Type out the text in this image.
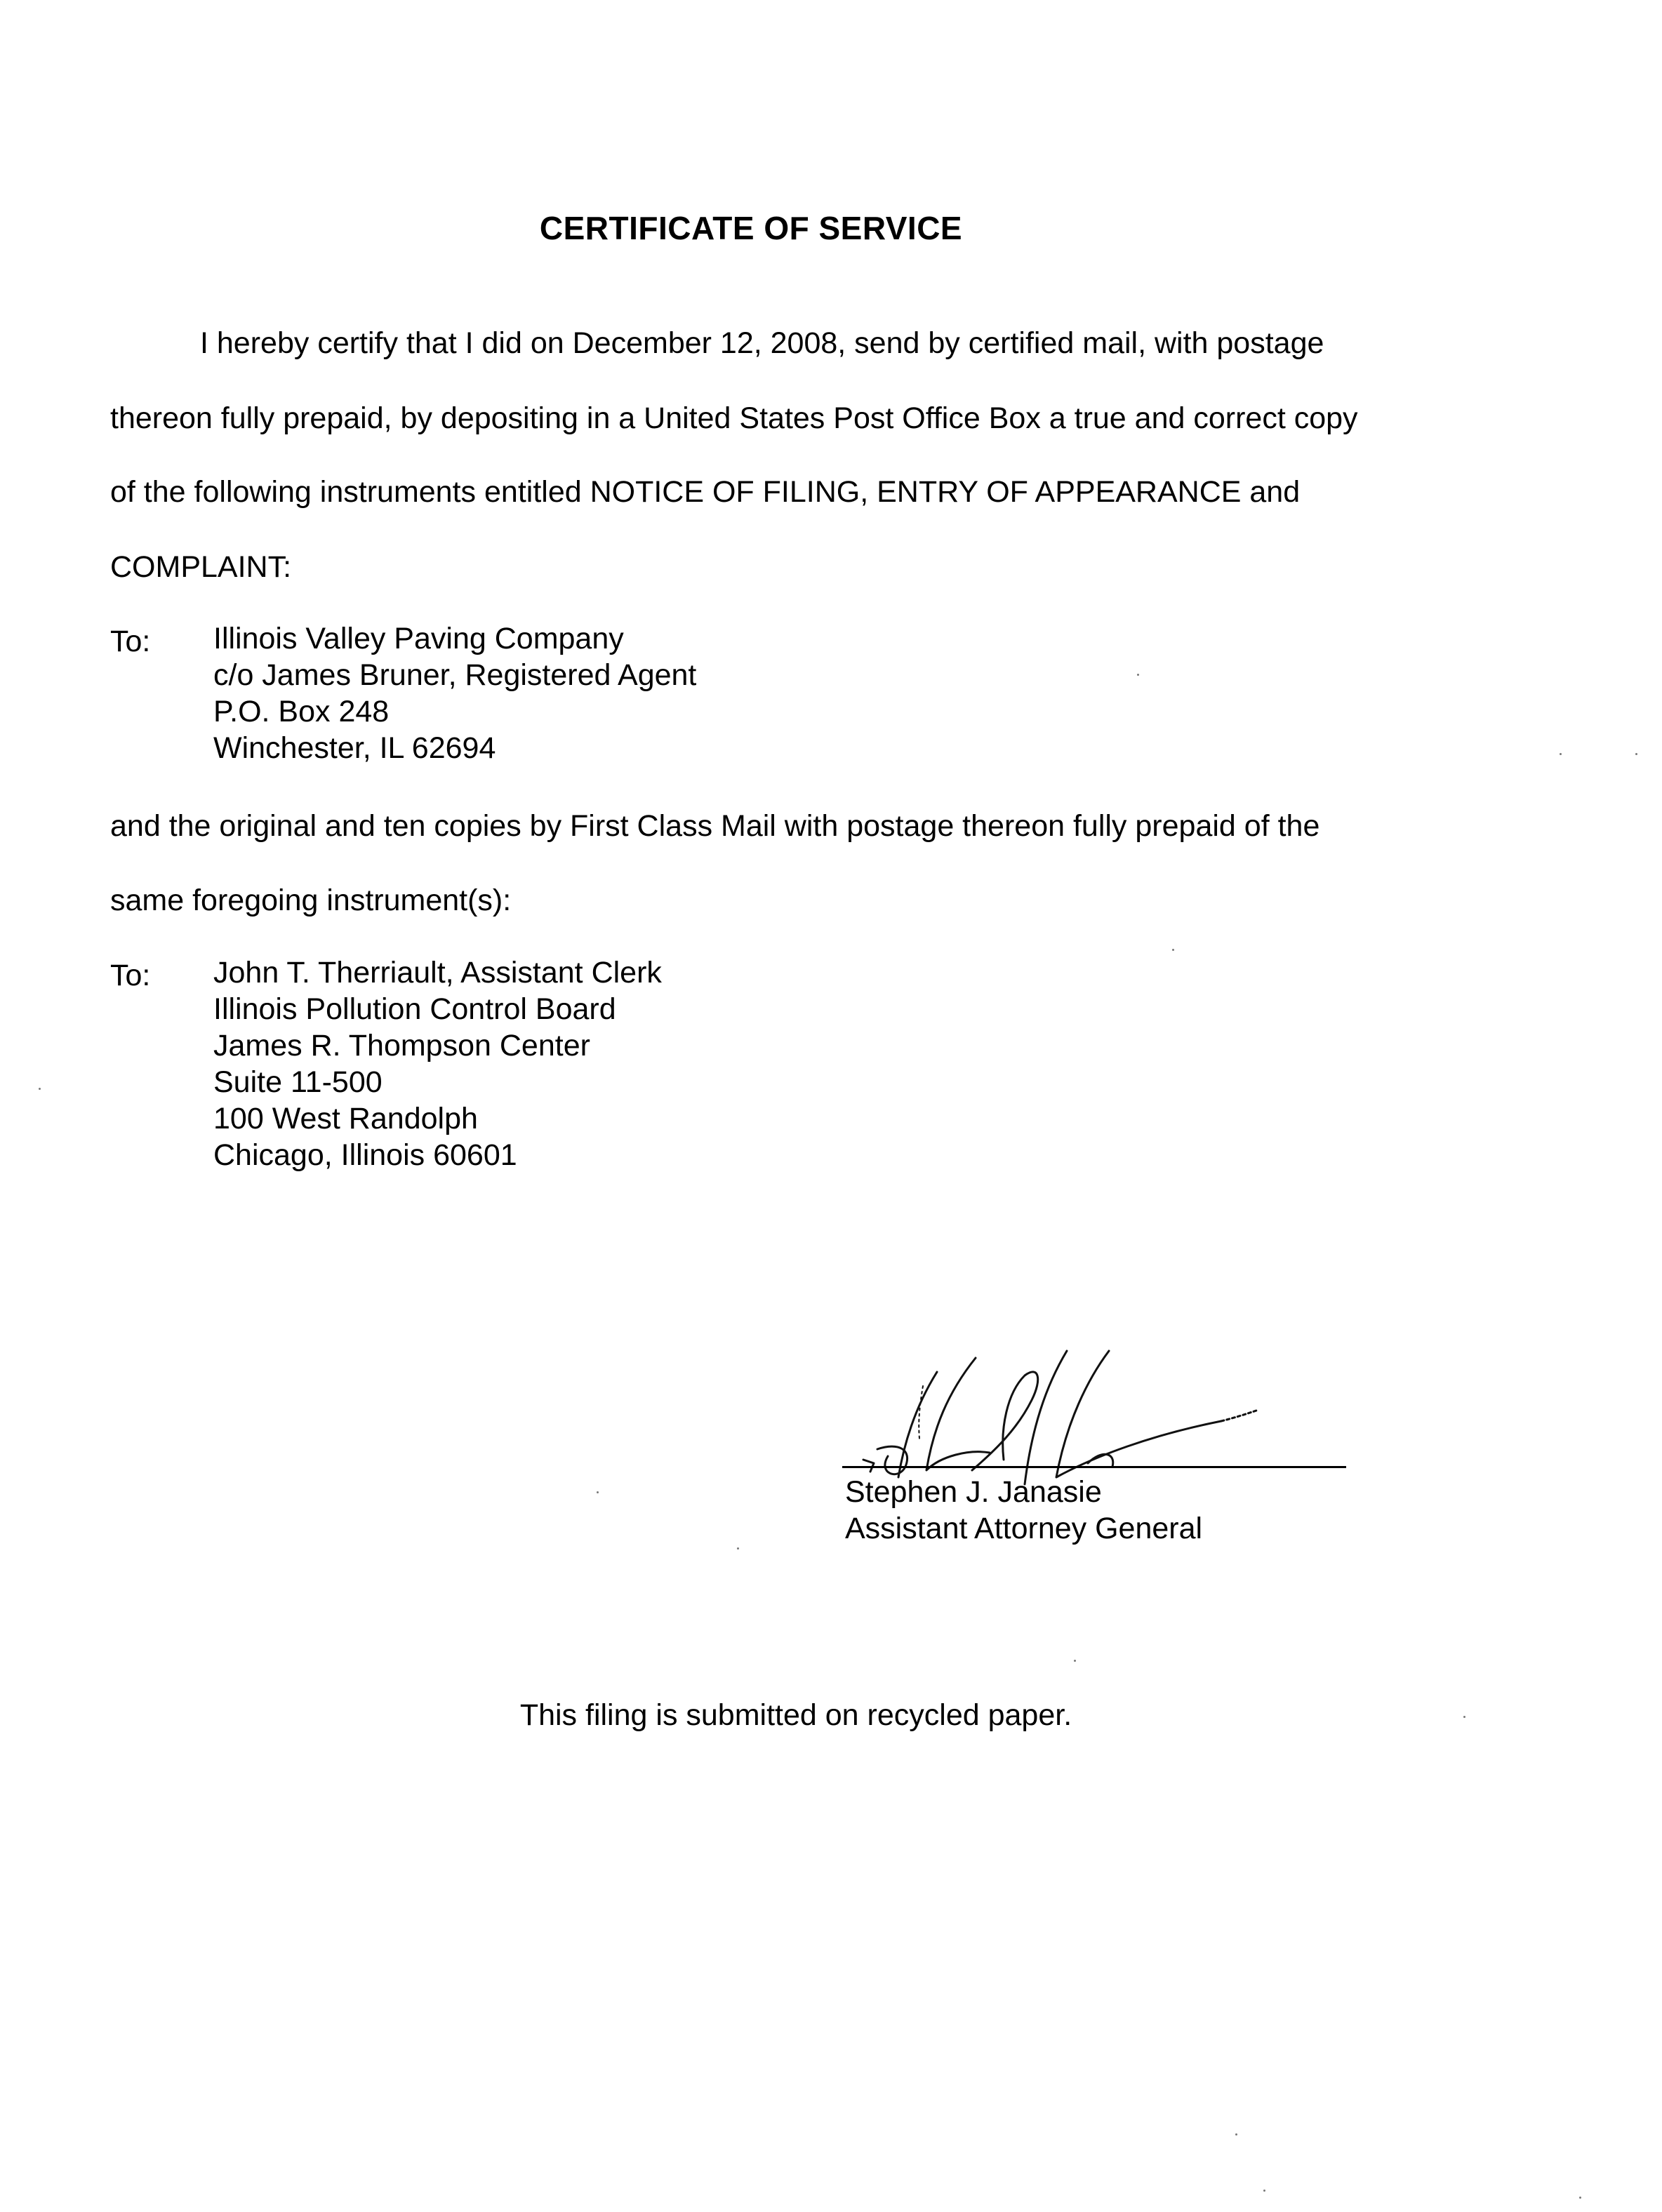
CERTIFICATE OF SERVICE
I hereby certify that I did on December 12, 2008, send by certified mail, with postage
thereon fully prepaid, by depositing in a United States Post Office Box a true and correct copy
of the following instruments entitled NOTICE OF FILING, ENTRY OF APPEARANCE and
COMPLAINT:
To: Illinois Valley Paving Company
c/o James Bruner, Registered Agent
P.O. Box 248
Winchester, IL 62694
and the original and ten copies by First Class Mail with postage thereon fully prepaid of the
same foregoing instrument(s):
To: John T. Therriault, Assistant Clerk
Illinois Pollution Control Board
James R. Thompson Center
Suite 11-500
100 West Randolph
Chicago, Illinois 60601
Stephen J. Janasie
Assistant Attorney General
This filing is submitted on recycled paper.
